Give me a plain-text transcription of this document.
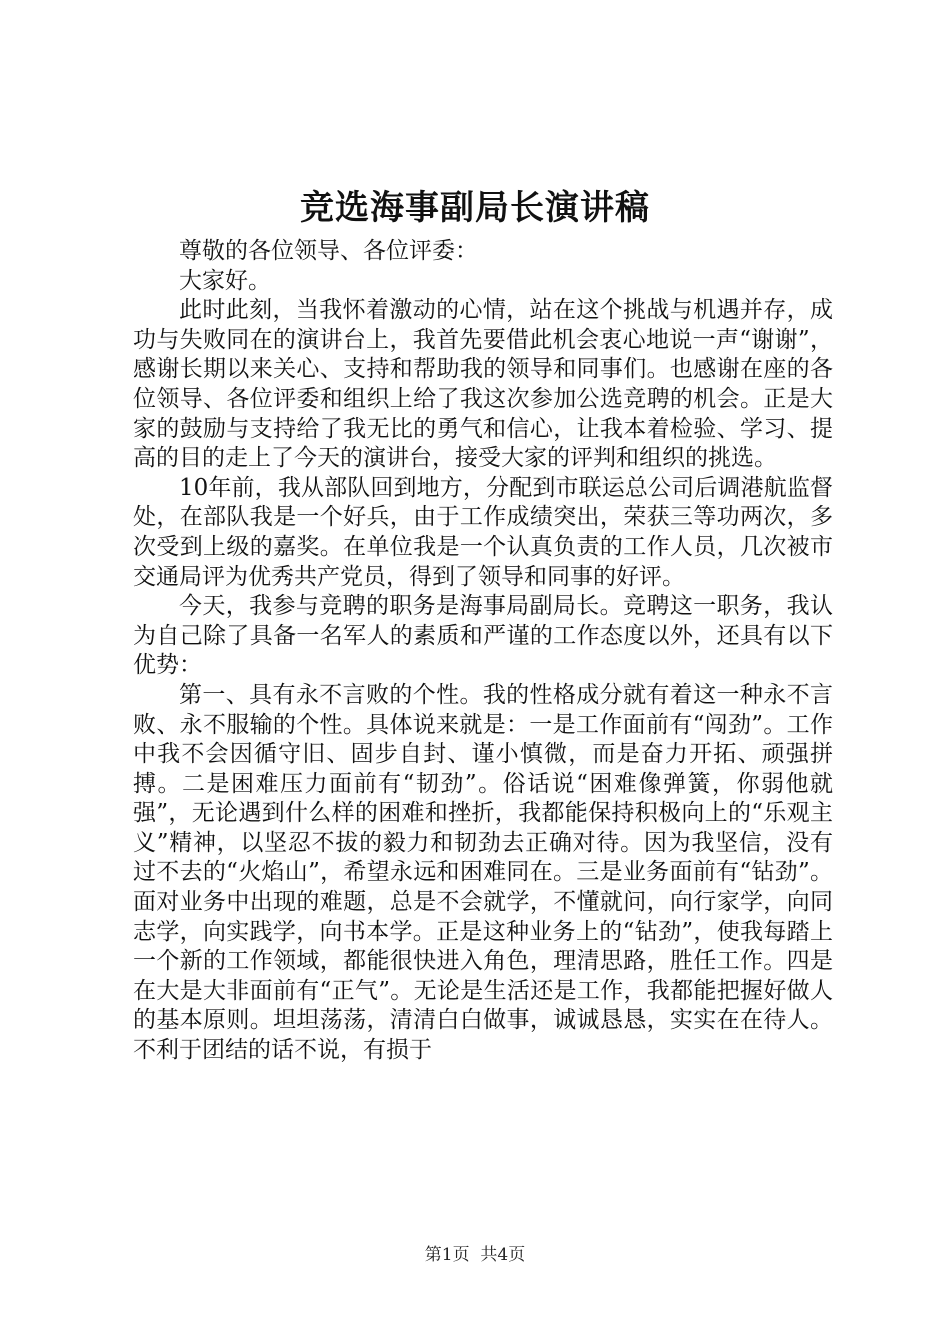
竞选海事副局长演讲稿

尊敬的各位领导、各位评委：

大家好。

此时此刻，当我怀着激动的心情，站在这个挑战与机遇并存，成功与失败同在的演讲台上，我首先要借此机会衷心地说一声“谢谢”，感谢长期以来关心、支持和帮助我的领导和同事们。也感谢在座的各位领导、各位评委和组织上给了我这次参加公选竞聘的机会。正是大家的鼓励与支持给了我无比的勇气和信心，让我本着检验、学习、提高的目的走上了今天的演讲台，接受大家的评判和组织的挑选。

10年前，我从部队回到地方，分配到市联运总公司后调港航监督处，在部队我是一个好兵，由于工作成绩突出，荣获三等功两次，多次受到上级的嘉奖。在单位我是一个认真负责的工作人员，几次被市交通局评为优秀共产党员，得到了领导和同事的好评。

今天，我参与竞聘的职务是海事局副局长。竞聘这一职务，我认为自己除了具备一名军人的素质和严谨的工作态度以外，还具有以下优势：

第一、具有永不言败的个性。我的性格成分就有着这一种永不言败、永不服输的个性。具体说来就是：一是工作面前有“闯劲”。工作中我不会因循守旧、固步自封、谨小慎微，而是奋力开拓、顽强拼搏。二是困难压力面前有“韧劲”。俗话说“困难像弹簧，你弱他就强”，无论遇到什么样的困难和挫折，我都能保持积极向上的“乐观主义”精神，以坚忍不拔的毅力和韧劲去正确对待。因为我坚信，没有过不去的“火焰山”，希望永远和困难同在。三是业务面前有“钻劲”。面对业务中出现的难题，总是不会就学，不懂就问，向行家学，向同志学，向实践学，向书本学。正是这种业务上的“钻劲”，使我每踏上一个新的工作领域，都能很快进入角色，理清思路，胜任工作。四是在大是大非面前有“正气”。无论是生活还是工作，我都能把握好做人的基本原则。坦坦荡荡，清清白白做事，诚诚恳恳，实实在在待人。不利于团结的话不说，有损于

第1页 共4页
